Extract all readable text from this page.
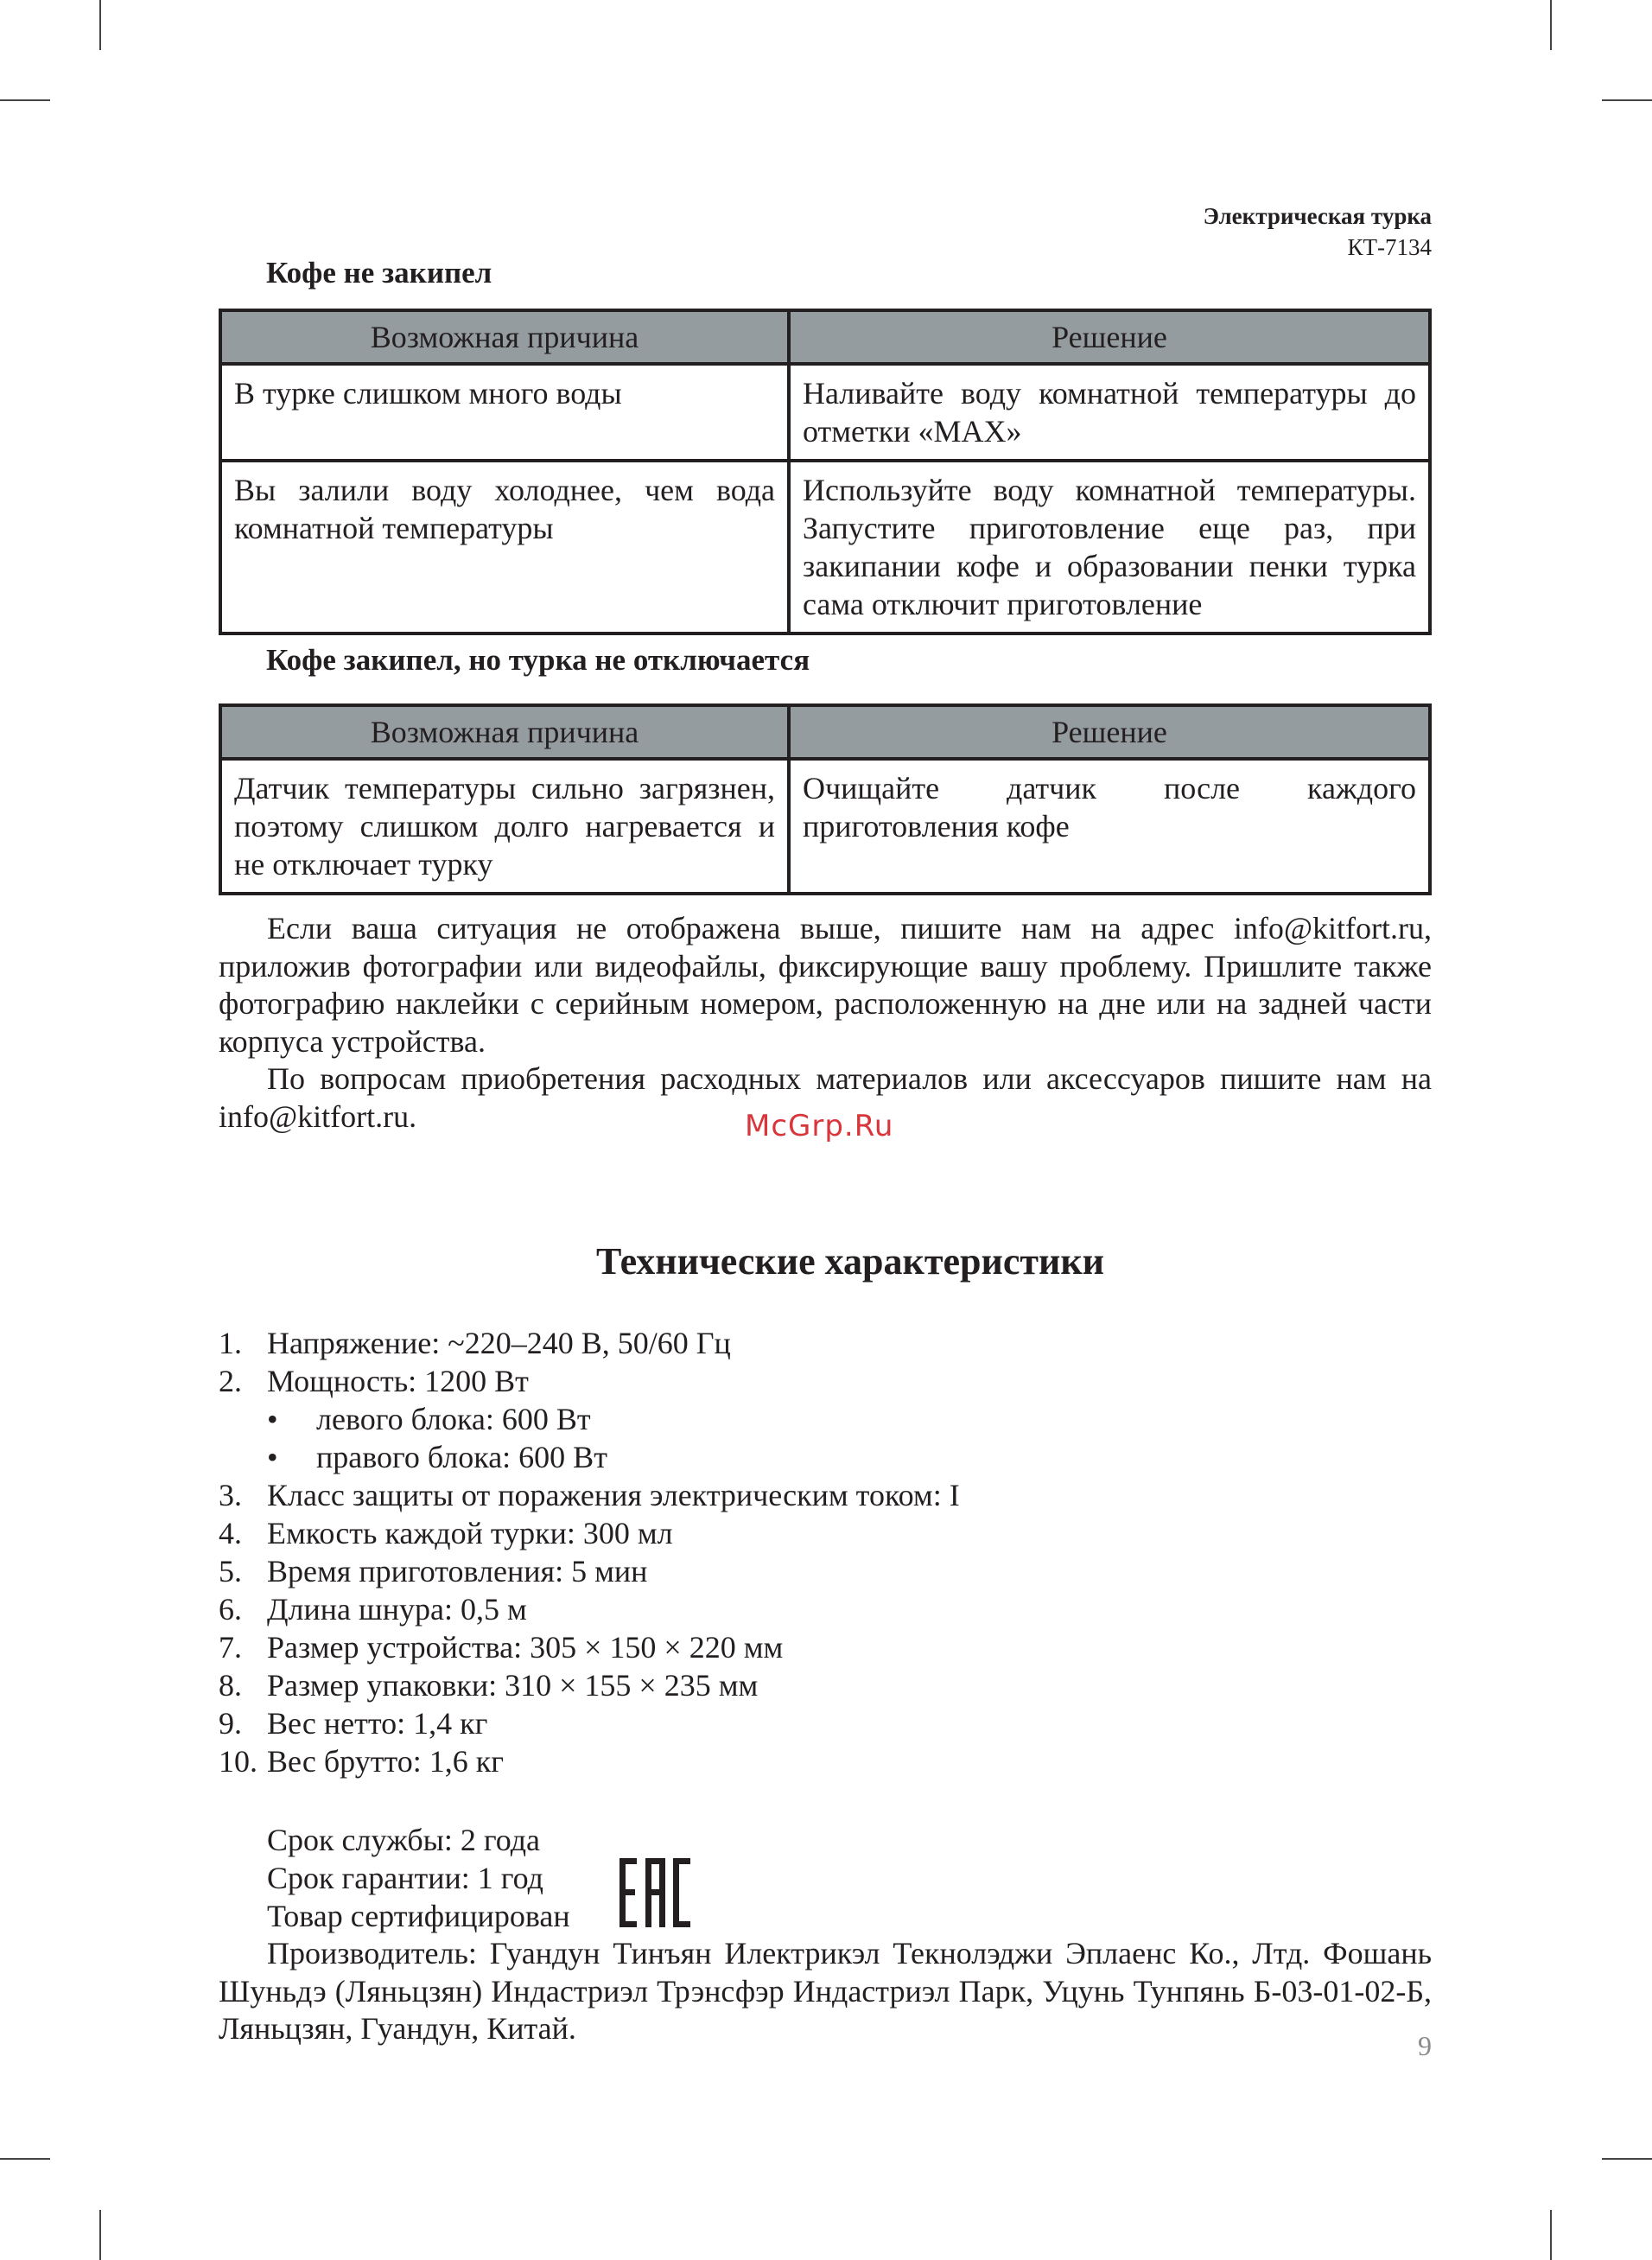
Электрическая турка
КТ-7134
Кофе не закипел
Возможная причина	Решение
В турке слишком много воды	Наливайте воду комнатной температуры до отметки «MAX»
Вы залили воду холоднее, чем вода комнатной температуры	Используйте воду комнатной температуры. Запустите приготовление еще раз, при закипании кофе и образовании пенки турка сама отключит приготовление
Кофе закипел, но турка не отключается
Возможная причина	Решение
Датчик температуры сильно загрязнен, поэтому слишком долго нагревается и не отключает турку	Очищайте датчик после каждого приготовления кофе

Если ваша ситуация не отображена выше, пишите нам на адрес info@kitfort.ru, приложив фотографии или видеофайлы, фиксирующие вашу проблему. Пришлите также фотографию наклейки с серийным номером, расположенную на дне или на задней части корпуса устройства.

По вопросам приобретения расходных материалов или аксессуаров пишите нам на info@kitfort.ru.	McGrp.Ru
Технические характеристики
1. Напряжение: ~220–240 В, 50/60 Гц
2. Мощность: 1200 Вт
• левого блока: 600 Вт
• правого блока: 600 Вт
3. Класс защиты от поражения электрическим током: I
4. Емкость каждой турки: 300 мл
5. Время приготовления: 5 мин
6. Длина шнура: 0,5 м
7. Размер устройства: 305 × 150 × 220 мм
8. Размер упаковки: 310 × 155 × 235 мм
9. Вес нетто: 1,4 кг
10. Вес брутто: 1,6 кг
Срок службы: 2 года
Срок гарантии: 1 год
Товар сертифицирован

Производитель: Гуандун Тинъян Илектрикэл Текнолэджи Эплаенс Ко., Лтд. Фошань Шуньдэ (Ляньцзян) Индастриэл Трэнсфэр Индастриэл Парк, Уцунь Тунпянь Б-03-01-02-Б, Ляньцзян, Гуандун, Китай.	9
